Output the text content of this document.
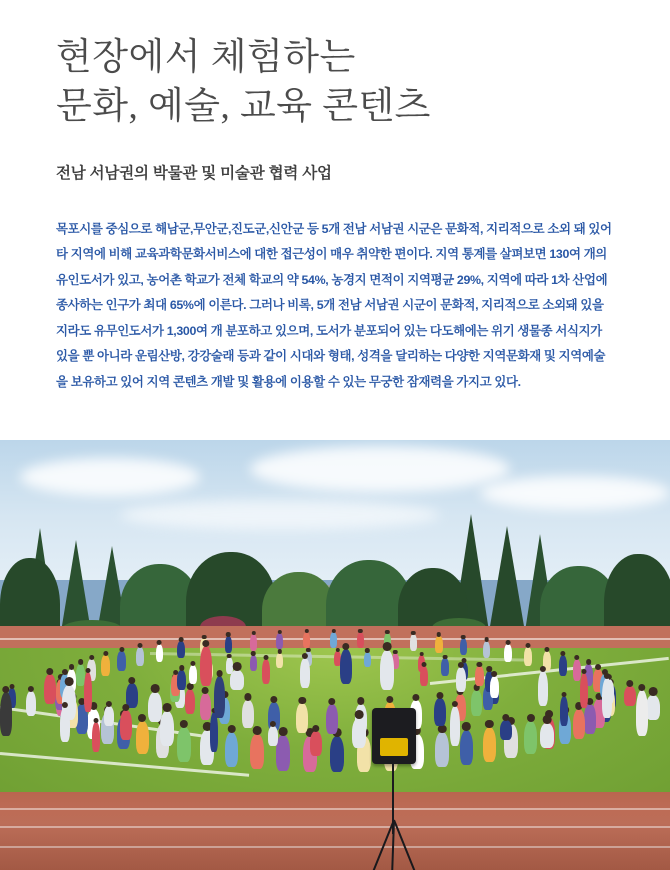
현장에서 체험하는
문화, 예술, 교육 콘텐츠
전남 서남권의 박물관 및 미술관 협력 사업

목포시를 중심으로 해남군,무안군,진도군,신안군 등 5개 전남 서남권 시군은 문화적, 지리적으로 소외 돼 있어 타 지역에 비해 교육과학문화서비스에 대한 접근성이 매우 취약한 편이다. 지역 통계를 살펴보면 130여 개의 유인도서가 있고, 농어촌 학교가 전체 학교의 약 54%, 농경지 면적이 지역평균 29%, 지역에 따라 1차 산업에 종사하는 인구가 최대 65%에 이른다. 그러나 비록, 5개 전남 서남권 시군이 문화적, 지리적으로 소외돼 있을지라도 유무인도서가 1,300여 개 분포하고 있으며, 도서가 분포되어 있는 다도해에는 위기 생물종 서식지가 있을 뿐 아니라 운림산방, 강강술래 등과 같이 시대와 형태, 성격을 달리하는 다양한 지역문화재 및 지역예술을 보유하고 있어 지역 콘텐츠 개발 및 활용에 이용할 수 있는 무궁한 잠재력을 가지고 있다.
